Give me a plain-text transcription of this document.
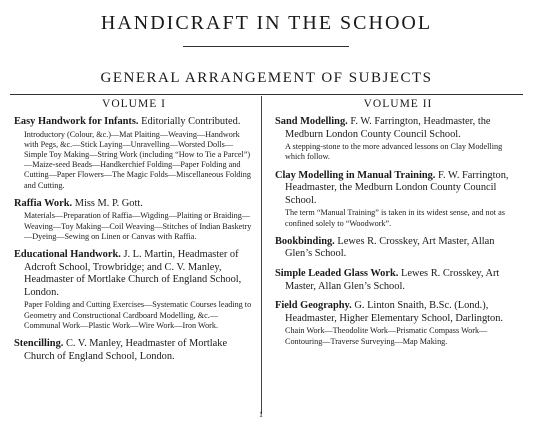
HANDICRAFT IN THE SCHOOL
GENERAL ARRANGEMENT OF SUBJECTS
VOLUME I
Easy Handwork for Infants. Editorially Contributed.
Introductory (Colour, &c.)—Mat Plaiting—Weaving—Handwork with Pegs, &c.—Stick Laying—Unravelling—Worsted Dolls—Simple Toy Making—String Work (including “How to Tie a Parcel”)—Maize-seed Beads—Handkerchief Folding—Paper Folding and Cutting—Paper Flowers—The Magic Folds—Miscellaneous Folding and Cutting.
Raffia Work. Miss M. P. Gott.
Materials—Preparation of Raffia—Wigding—Plaiting or Braiding—Weaving—Toy Making—Coil Weaving—Stitches of Indian Basketry—Dyeing—Sewing on Linen or Canvas with Raffia.
Educational Handwork. J. L. Martin, Headmaster of Adcroft School, Trowbridge; and C. V. Manley, Headmaster of Mortlake Church of England School, London.
Paper Folding and Cutting Exercises—Systematic Courses leading to Geometry and Constructional Cardboard Modelling, &c.—Communal Work—Plastic Work—Wire Work—Iron Work.
Stencilling. C. V. Manley, Headmaster of Mortlake Church of England School, London.
VOLUME II
Sand Modelling. F. W. Farrington, Headmaster, the Medburn London County Council School.
A stepping-stone to the more advanced lessons on Clay Modelling which follow.
Clay Modelling in Manual Training. F. W. Farrington, Headmaster, the Medburn London County Council School.
The term “Manual Training” is taken in its widest sense, and not as confined solely to “Woodwork”.
Bookbinding. Lewes R. Crosskey, Art Master, Allan Glen’s School.
Simple Leaded Glass Work. Lewes R. Crosskey, Art Master, Allan Glen’s School.
Field Geography. G. Linton Snaith, B.Sc. (Lond.), Headmaster, Higher Elementary School, Darlington.
Chain Work—Theodolite Work—Prismatic Compass Work—Contouring—Traverse Surveying—Map Making.
1
